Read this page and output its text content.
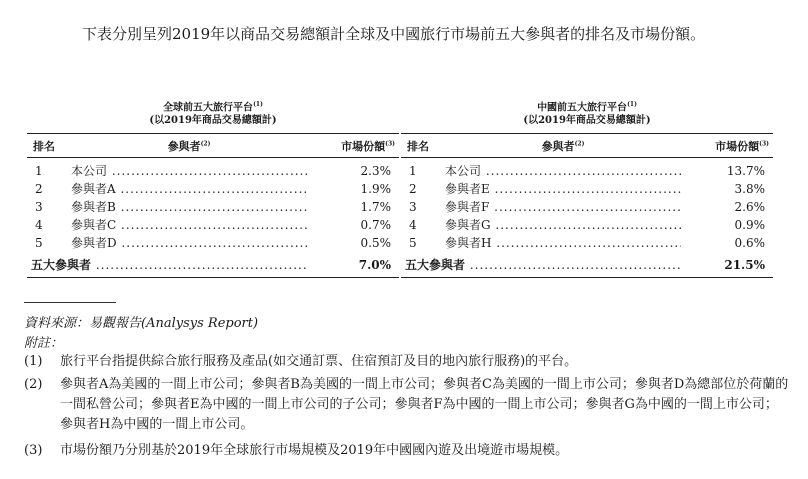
下表分別呈列2019年以商品交易總額計全球及中國旅行市場前五大參與者的排名及市場份額。
全球前五大旅行平台$^{(1)}$
(以2019年商品交易總額計)
排名	參與者$^{(2)}$	市場份額$^{(3)}$
1 本公司 .....	2.3%
2 參與者A .....	1.9%
3 參與者B .....	1.7%
4 參與者C .....	0.7%
5 參與者D .....	0.5%
五大參與者 .....	7.0%
中國前五大旅行平台$^{(1)}$
(以2019年商品交易總額計)
排名	參與者$^{(2)}$	市場份額$^{(3)}$
1 本公司 .....	13.7%
2 參與者E .....	3.8%
3 參與者F .....	2.6%
4 參與者G .....	0.9%
5 參與者H .....	0.6%
五大參與者 .....	21.5%
資料來源：易觀報告(Analysys Report)
附註：
(1) 旅行平台指提供綜合旅行服務及產品(如交通訂票、住宿預訂及目的地內旅行服務)的平台。
(2) 參與者A為美國的一間上市公司；參與者B為美國的一間上市公司；參與者C為美國的一間上市公司；參與者D為總部位於荷蘭的一間私營公司；參與者E為中國的一間上市公司的子公司；參與者F為中國的一間上市公司；參與者G為中國的一間上市公司；參與者H為中國的一間上市公司。
(3) 市場份額乃分別基於2019年全球旅行市場規模及2019年中國國內遊及出境遊市場規模。
